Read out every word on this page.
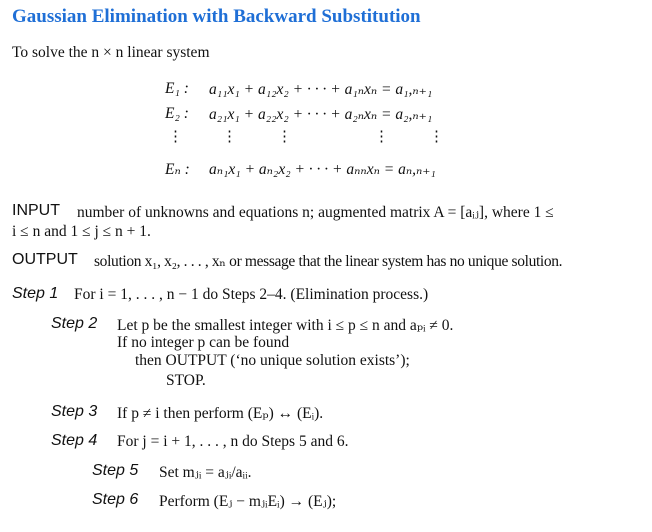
Gaussian Elimination with Backward Substitution
To solve the n × n linear system
E₁ : a₁₁x₁ + a₁₂x₂ + · · · + a₁ₙxₙ = a₁,ₙ₊₁
E₂ : a₂₁x₁ + a₂₂x₂ + · · · + a₂ₙxₙ = a₂,ₙ₊₁
⋮	⋮	⋮	⋮	⋮
Eₙ : aₙ₁x₁ + aₙ₂x₂ + · · · + aₙₙxₙ = aₙ,ₙ₊₁
INPUT number of unknowns and equations n; augmented matrix A = [aᵢⱼ], where 1 ≤
i ≤ n and 1 ≤ j ≤ n + 1.
OUTPUT solution x₁, x₂, . . . , xₙ or message that the linear system has no unique solution.
Step 1 For i = 1, . . . , n − 1 do Steps 2–4. (Elimination process.)
Step 2 Let p be the smallest integer with i ≤ p ≤ n and aₚᵢ ≠ 0.
If no integer p can be found
then OUTPUT (‘no unique solution exists’);
STOP.
Step 3 If p ≠ i then perform (Eₚ) ↔ (Eᵢ).
Step 4 For j = i + 1, . . . , n do Steps 5 and 6.
Step 5 Set mⱼᵢ = aⱼᵢ/aᵢᵢ.
Step 6 Perform (Eⱼ − mⱼᵢEᵢ) → (Eⱼ);
